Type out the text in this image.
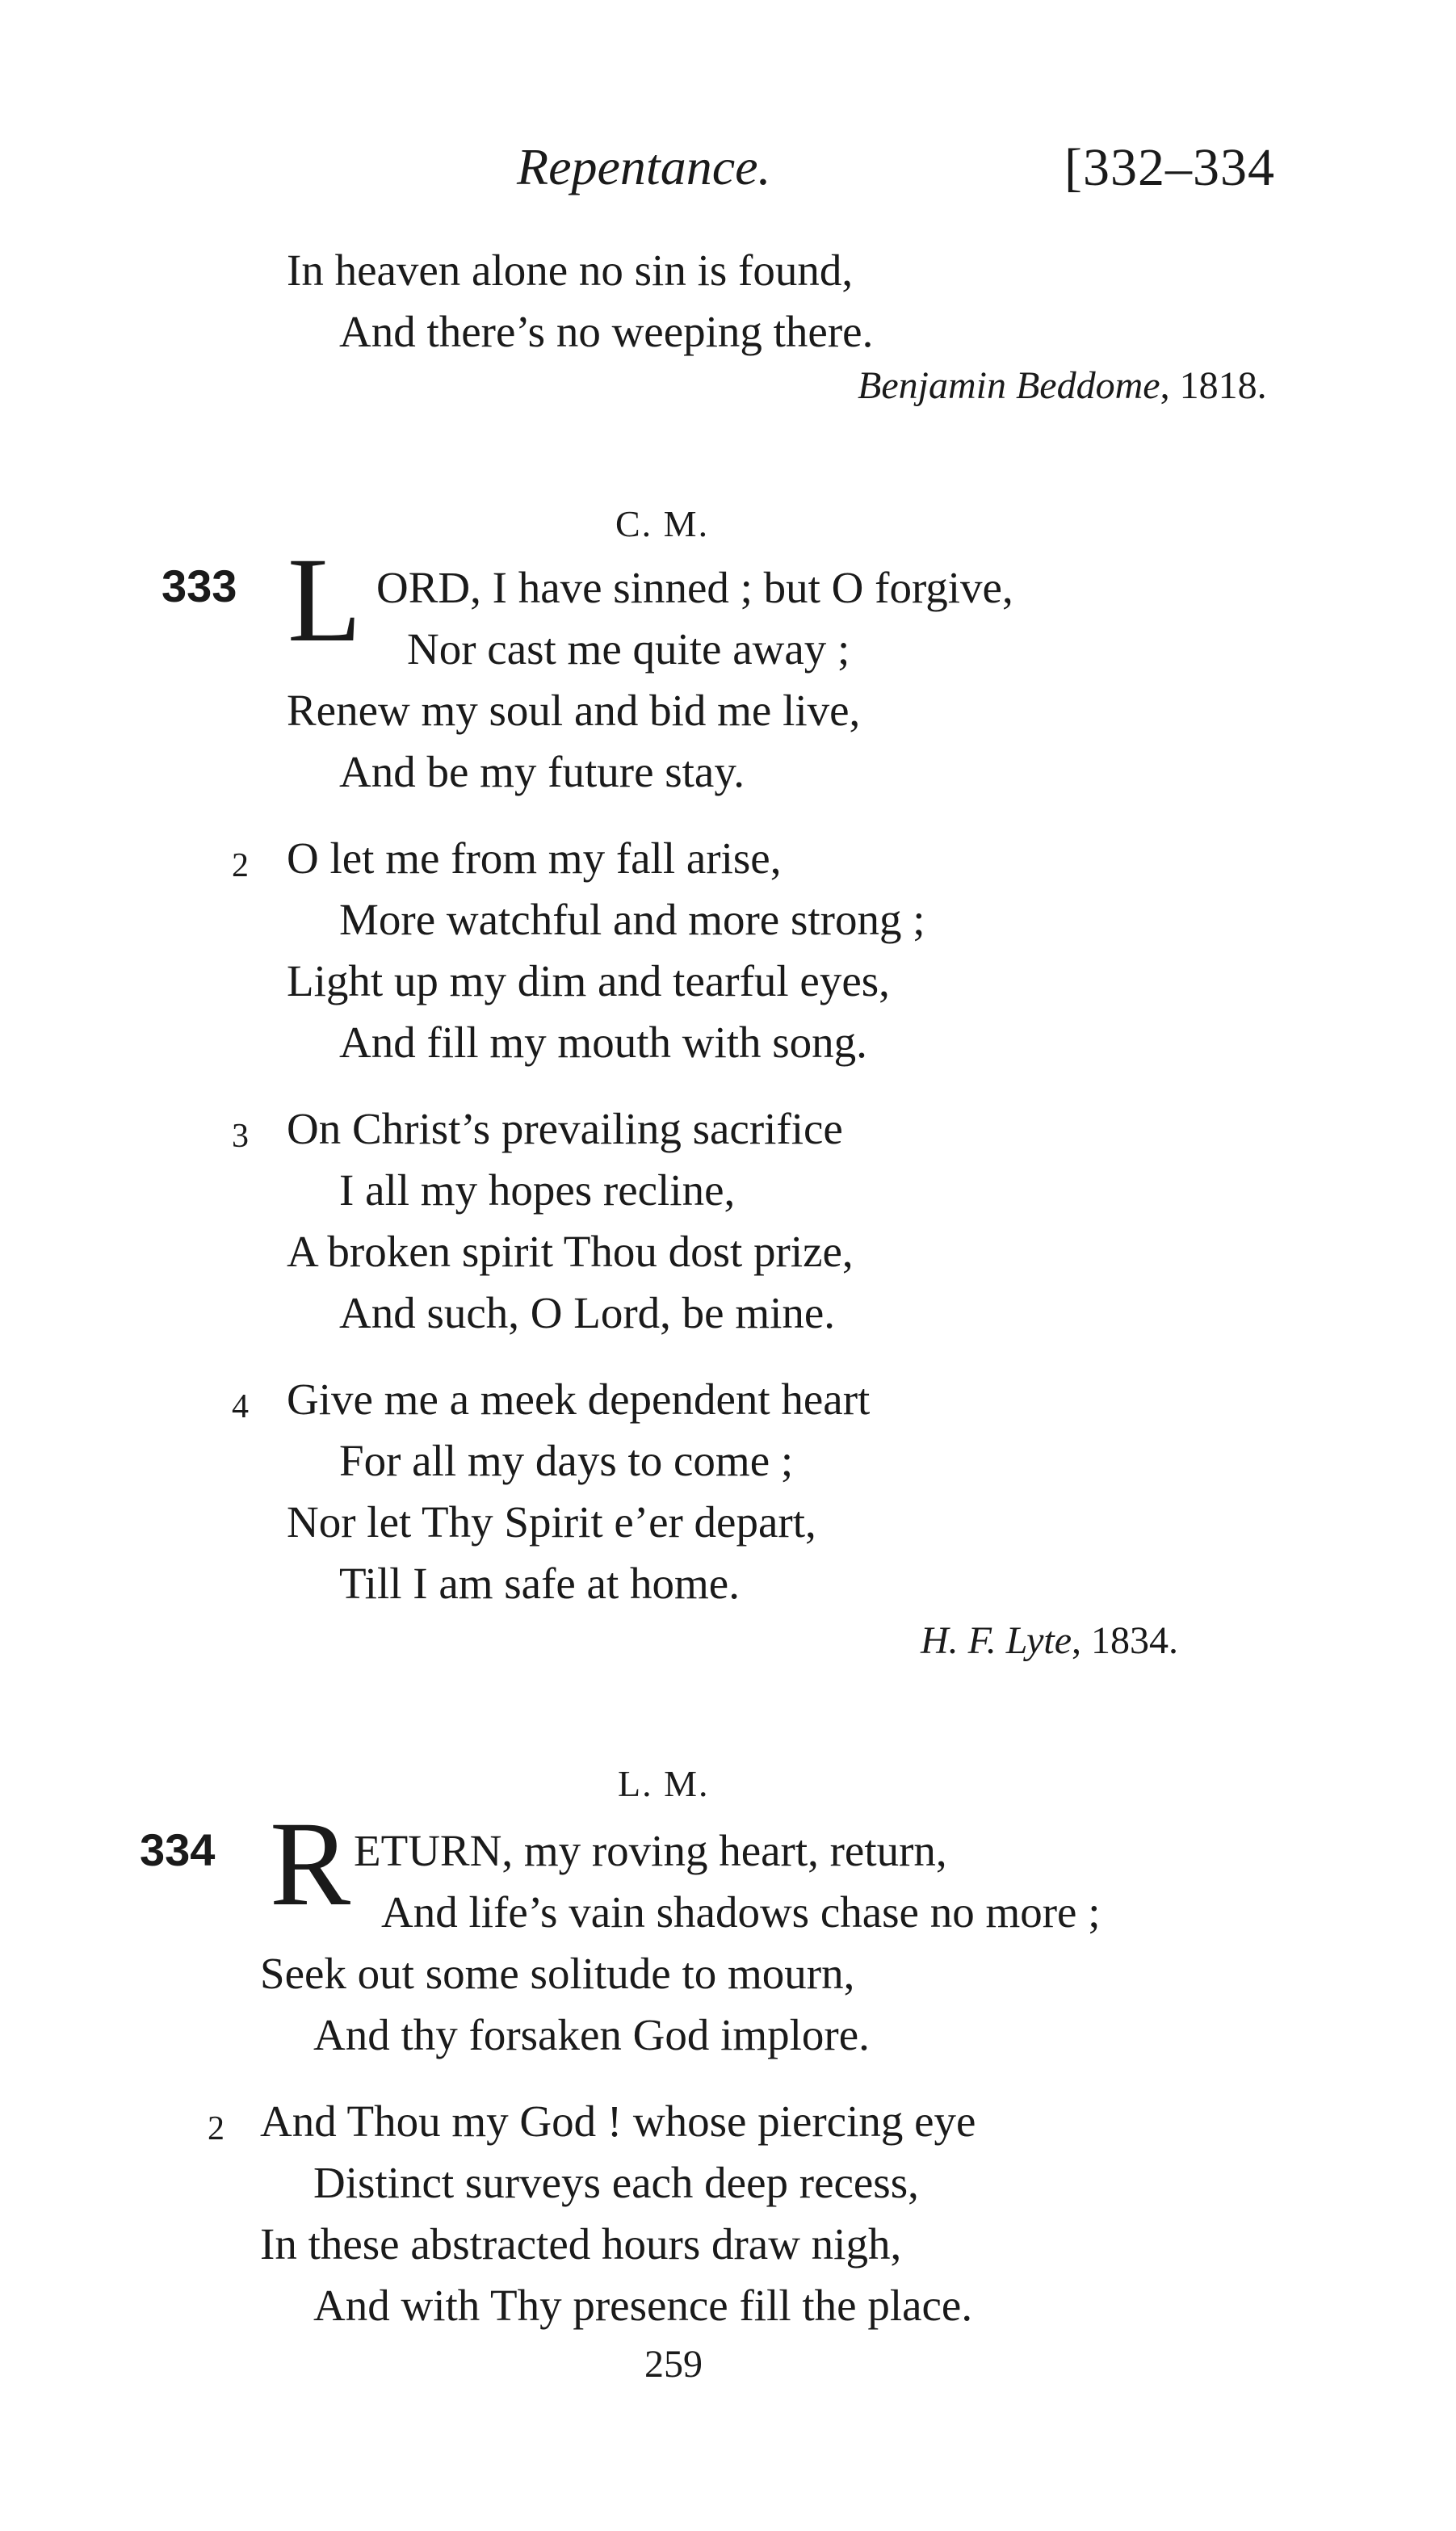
Repentance.	[332–334
In heaven alone no sin is found,
And there’s no weeping there.
Benjamin Beddome, 1818.
C. M.
333 L ORD, I have sinned ; but O forgive,
Nor cast me quite away ;
Renew my soul and bid me live,
And be my future stay.
2 O let me from my fall arise,
More watchful and more strong ;
Light up my dim and tearful eyes,
And fill my mouth with song.
3 On Christ’s prevailing sacrifice
I all my hopes recline,
A broken spirit Thou dost prize,
And such, O Lord, be mine.
4 Give me a meek dependent heart
For all my days to come ;
Nor let Thy Spirit e’er depart,
Till I am safe at home.
H. F. Lyte, 1834.
L. M.
334 R ETURN, my roving heart, return,
And life’s vain shadows chase no more ;
Seek out some solitude to mourn,
And thy forsaken God implore.
2 And Thou my God ! whose piercing eye
Distinct surveys each deep recess,
In these abstracted hours draw nigh,
And with Thy presence fill the place.
259
